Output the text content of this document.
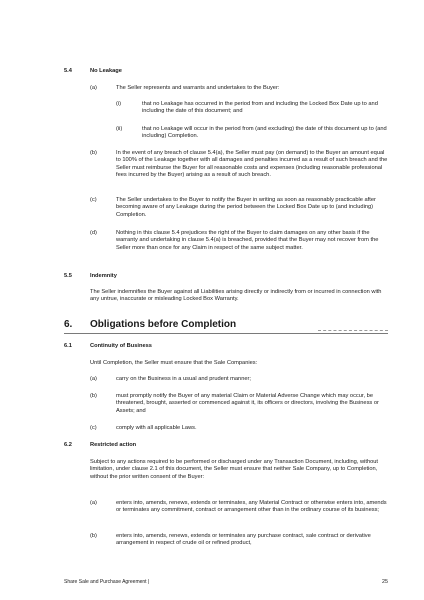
5.4	No Leakage
(a)	The Seller represents and warrants and undertakes to the Buyer:
(i)	that no Leakage has occurred in the period from and including the Locked Box Date up to and including the date of this document; and
(ii)	that no Leakage will occur in the period from (and excluding) the date of this document up to (and including) Completion.
(b)	In the event of any breach of clause 5.4(a), the Seller must pay (on demand) to the Buyer an amount equal to 100% of the Leakage together with all damages and penalties incurred as a result of such breach and the Seller must reimburse the Buyer for all reasonable costs and expenses (including reasonable professional fees incurred by the Buyer) arising as a result of such breach.
(c)	The Seller undertakes to the Buyer to notify the Buyer in writing as soon as reasonably practicable after becoming aware of any Leakage during the period between the Locked Box Date up to (and including) Completion.
(d)	Nothing in this clause 5.4 prejudices the right of the Buyer to claim damages on any other basis if the warranty and undertaking in clause 5.4(a) is breached, provided that the Buyer may not recover from the Seller more than once for any Claim in respect of the same subject matter.
5.5	Indemnity
The Seller indemnifies the Buyer against all Liabilities arising directly or indirectly from or incurred in connection with any untrue, inaccurate or misleading Locked Box Warranty.
6. Obligations before Completion
6.1	Continuity of Business
Until Completion, the Seller must ensure that the Sale Companies:
(a)	carry on the Business in a usual and prudent manner;
(b)	must promptly notify the Buyer of any material Claim or Material Adverse Change which may occur, be threatened, brought, asserted or commenced against it, its officers or directors, involving the Business or Assets; and
(c)	comply with all applicable Laws.
6.2	Restricted action
Subject to any actions required to be performed or discharged under any Transaction Document, including, without limitation, under clause 2.1 of this document, the Seller must ensure that neither Sale Company, up to Completion, without the prior written consent of the Buyer:
(a)	enters into, amends, renews, extends or terminates, any Material Contract or otherwise enters into, amends or terminates any commitment, contract or arrangement other than in the ordinary course of its business;
(b)	enters into, amends, renews, extends or terminates any purchase contract, sale contract or derivative arrangement in respect of crude oil or refined product,
Share Sale and Purchase Agreement |	25
